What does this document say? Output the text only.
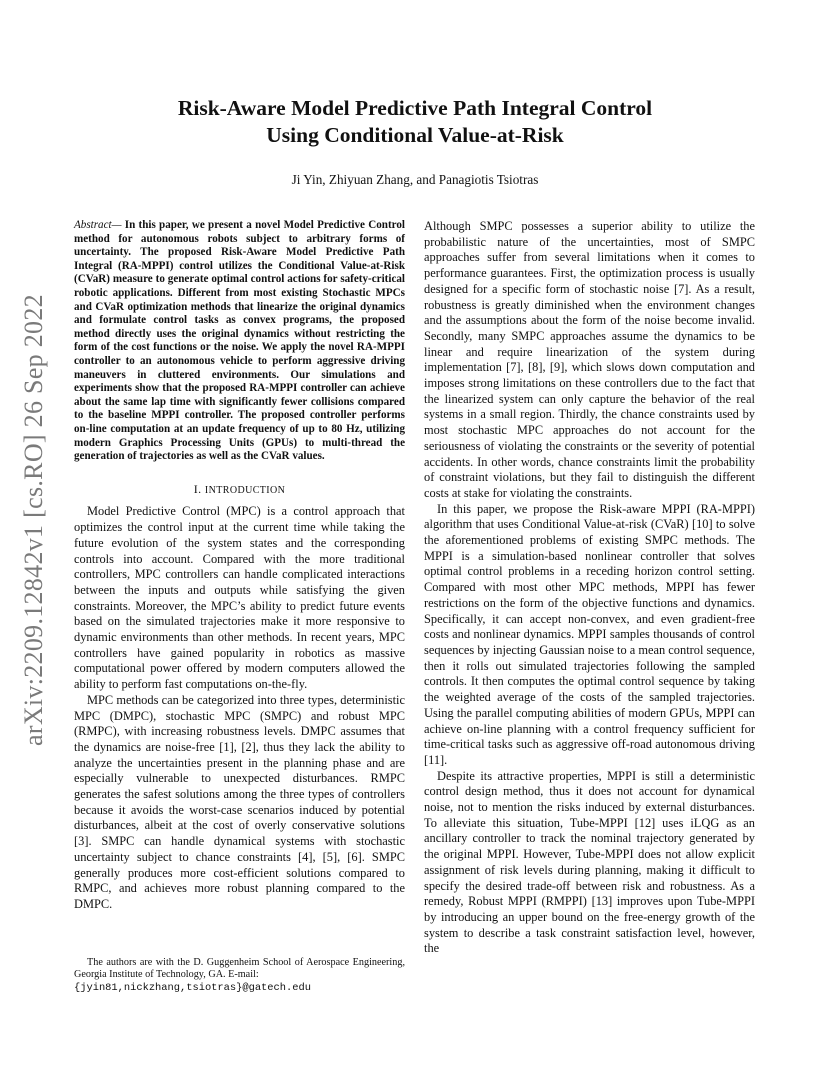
arXiv:2209.12842v1 [cs.RO] 26 Sep 2022
Risk-Aware Model Predictive Path Integral Control
Using Conditional Value-at-Risk
Ji Yin, Zhiyuan Zhang, and Panagiotis Tsiotras

Abstract— In this paper, we present a novel Model Predictive Control method for autonomous robots subject to arbitrary forms of uncertainty. The proposed Risk-Aware Model Predictive Path Integral (RA-MPPI) control utilizes the Conditional Value-at-Risk (CVaR) measure to generate optimal control actions for safety-critical robotic applications. Different from most existing Stochastic MPCs and CVaR optimization methods that linearize the original dynamics and formulate control tasks as convex programs, the proposed method directly uses the original dynamics without restricting the form of the cost functions or the noise. We apply the novel RA-MPPI controller to an autonomous vehicle to perform aggressive driving maneuvers in cluttered environments. Our simulations and experiments show that the proposed RA-MPPI controller can achieve about the same lap time with significantly fewer collisions compared to the baseline MPPI controller. The proposed controller performs on-line computation at an update frequency of up to 80 Hz, utilizing modern Graphics Processing Units (GPUs) to multi-thread the generation of trajectories as well as the CVaR values.

I. INTRODUCTION

Model Predictive Control (MPC) is a control approach that optimizes the control input at the current time while taking the future evolution of the system states and the corresponding controls into account. Compared with the more traditional controllers, MPC controllers can handle complicated interactions between the inputs and outputs while satisfying the given constraints. Moreover, the MPC’s ability to predict future events based on the simulated trajectories make it more responsive to dynamic environments than other methods. In recent years, MPC controllers have gained popularity in robotics as massive computational power offered by modern computers allowed the ability to perform fast computations on-the-fly.

MPC methods can be categorized into three types, deterministic MPC (DMPC), stochastic MPC (SMPC) and robust MPC (RMPC), with increasing robustness levels. DMPC assumes that the dynamics are noise-free [1], [2], thus they lack the ability to analyze the uncertainties present in the planning phase and are especially vulnerable to unexpected disturbances. RMPC generates the safest solutions among the three types of controllers because it avoids the worst-case scenarios induced by potential disturbances, albeit at the cost of overly conservative solutions [3]. SMPC can handle dynamical systems with stochastic uncertainty subject to chance constraints [4], [5], [6]. SMPC generally produces more cost-efficient solutions compared to RMPC, and achieves more robust planning compared to the DMPC.

Although SMPC possesses a superior ability to utilize the probabilistic nature of the uncertainties, most of SMPC approaches suffer from several limitations when it comes to performance guarantees. First, the optimization process is usually designed for a specific form of stochastic noise [7]. As a result, robustness is greatly diminished when the environment changes and the assumptions about the form of the noise become invalid. Secondly, many SMPC approaches assume the dynamics to be linear and require linearization of the system during implementation [7], [8], [9], which slows down computation and imposes strong limitations on these controllers due to the fact that the linearized system can only capture the behavior of the real systems in a small region. Thirdly, the chance constraints used by most stochastic MPC approaches do not account for the seriousness of violating the constraints or the severity of potential accidents. In other words, chance constraints limit the probability of constraint violations, but they fail to distinguish the different costs at stake for violating the constraints.

In this paper, we propose the Risk-aware MPPI (RA-MPPI) algorithm that uses Conditional Value-at-risk (CVaR) [10] to solve the aforementioned problems of existing SMPC methods. The MPPI is a simulation-based nonlinear controller that solves optimal control problems in a receding horizon control setting. Compared with most other MPC methods, MPPI has fewer restrictions on the form of the objective functions and dynamics. Specifically, it can accept non-convex, and even gradient-free costs and nonlinear dynamics. MPPI samples thousands of control sequences by injecting Gaussian noise to a mean control sequence, then it rolls out simulated trajectories following the sampled controls. It then computes the optimal control sequence by taking the weighted average of the costs of the sampled trajectories. Using the parallel computing abilities of modern GPUs, MPPI can achieve on-line planning with a control frequency sufficient for time-critical tasks such as aggressive off-road autonomous driving [11].

Despite its attractive properties, MPPI is still a deterministic control design method, thus it does not account for dynamical noise, not to mention the risks induced by external disturbances. To alleviate this situation, Tube-MPPI [12] uses iLQG as an ancillary controller to track the nominal trajectory generated by the original MPPI. However, Tube-MPPI does not allow explicit assignment of risk levels during planning, making it difficult to specify the desired trade-off between risk and robustness. As a remedy, Robust MPPI (RMPPI) [13] improves upon Tube-MPPI by introducing an upper bound on the free-energy growth of the system to describe a task constraint satisfaction level, however, the

The authors are with the D. Guggenheim School of Aerospace Engineering, Georgia Institute of Technology, GA. E-mail:
{jyin81,nickzhang,tsiotras}@gatech.edu
